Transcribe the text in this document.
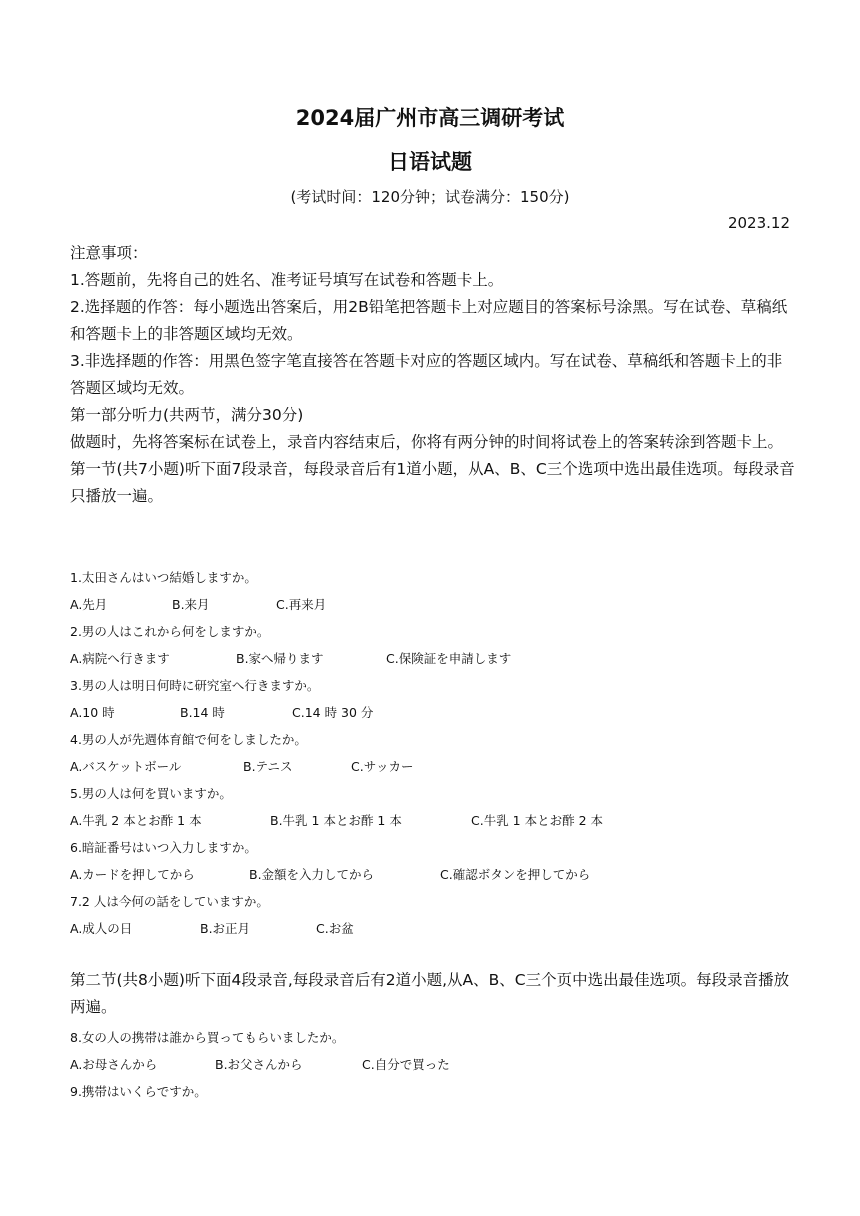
2024届广州市高三调研考试
日语试题
(考试时间：120分钟；试卷满分：150分)
2023.12

注意事项：

1.答题前，先将自己的姓名、准考证号填写在试卷和答题卡上。

2.选择题的作答：每小题选出答案后，用2B铅笔把答题卡上对应题目的答案标号涂黑。写在试卷、草稿纸和答题卡上的非答题区域均无效。

3.非选择题的作答：用黑色签字笔直接答在答题卡对应的答题区域内。写在试卷、草稿纸和答题卡上的非答题区域均无效。

第一部分听力(共两节，满分30分)

做题时，先将答案标在试卷上，录音内容结束后，你将有两分钟的时间将试卷上的答案转涂到答题卡上。

第一节(共7小题)听下面7段录音，每段录音后有1道小题，从A、B、C三个选项中选出最佳选项。每段录音只播放一遍。

1.太田さんはいつ結婚しますか。
A.先月	B.来月	C.再来月
2.男の人はこれから何をしますか。
A.病院へ行きます	B.家へ帰ります	C.保険証を申請します
3.男の人は明日何時に研究室へ行きますか。
A.10 時	B.14 時	C.14 時 30 分
4.男の人が先週体育館で何をしましたか。
A.バスケットボール	B.テニス	C.サッカー
5.男の人は何を買いますか。
A.牛乳 2 本とお酢 1 本	B.牛乳 1 本とお酢 1 本	C.牛乳 1 本とお酢 2 本
6.暗証番号はいつ入力しますか。
A.カードを押してから	B.金額を入力してから	C.確認ボタンを押してから
7.2 人は今何の話をしていますか。
A.成人の日	B.お正月	C.お盆
第二节(共8小题)听下面4段录音,每段录音后有2道小题,从A、B、C三个页中选出最佳选项。每段录音播放两遍。
8.女の人の携帯は誰から買ってもらいましたか。
A.お母さんから	B.お父さんから	C.自分で買った
9.携帯はいくらですか。
